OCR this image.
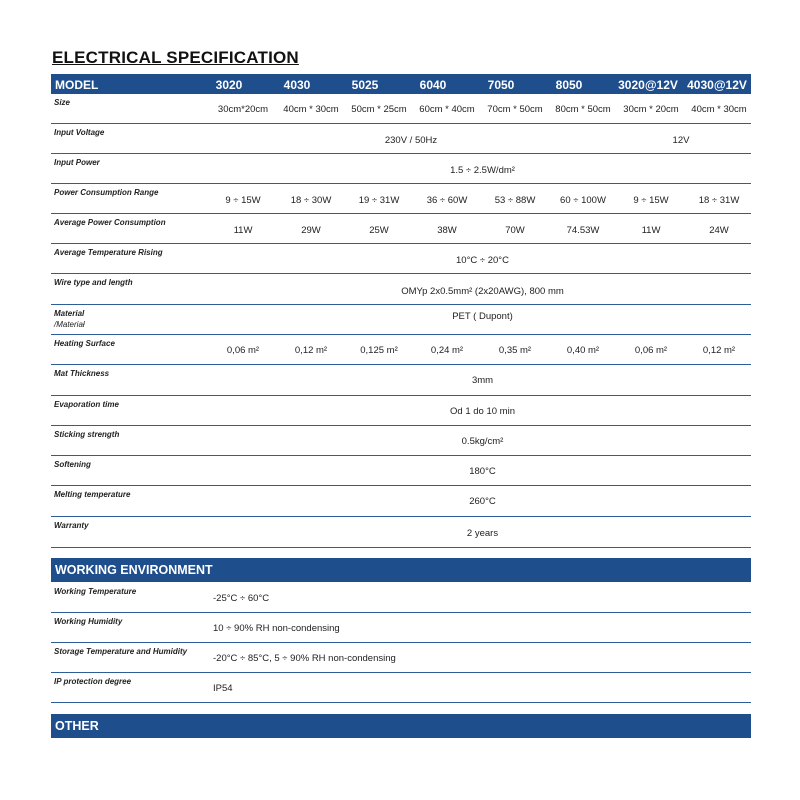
ELECTRICAL SPECIFICATION
MODEL	3020	4030	5025	6040	7050	8050	3020@12V 4030@12V
Size
30cm*20cm	40cm * 30cm	50cm * 25cm	60cm * 40cm	70cm * 50cm	80cm * 50cm	30cm * 20cm	40cm * 30cm
Input Voltage
230V / 50Hz	12V
Input Power
1.5 ÷ 2.5W/dm²
Power Consumption Range
9 ÷ 15W	18 ÷ 30W	19 ÷ 31W	36 ÷ 60W	53 ÷ 88W	60 ÷ 100W	9 ÷ 15W	18 ÷ 31W
Average Power Consumption
11W	29W	25W	38W	70W	74.53W	11W	24W
Average Temperature Rising
10°C ÷ 20°C
Wire type and length
OMYp 2x0.5mm² (2x20AWG), 800 mm
Material
/Materiał
PET ( Dupont)
Heating Surface
0,06 m²	0,12 m²	0,125 m²	0,24 m²	0,35 m²	0,40 m²	0,06 m²	0,12 m²
Mat Thickness
3mm
Evaporation time
Od 1 do 10 min
Sticking strength
0.5kg/cm²
Softening
180°C
Melting temperature
260°C
Warranty
2 years
WORKING ENVIRONMENT
Working Temperature
-25°C ÷ 60°C
Working Humidity
10 ÷ 90% RH non-condensing
Storage Temperature and Humidity
-20°C ÷ 85°C, 5 ÷ 90% RH non-condensing
IP protection degree
IP54
OTHER
